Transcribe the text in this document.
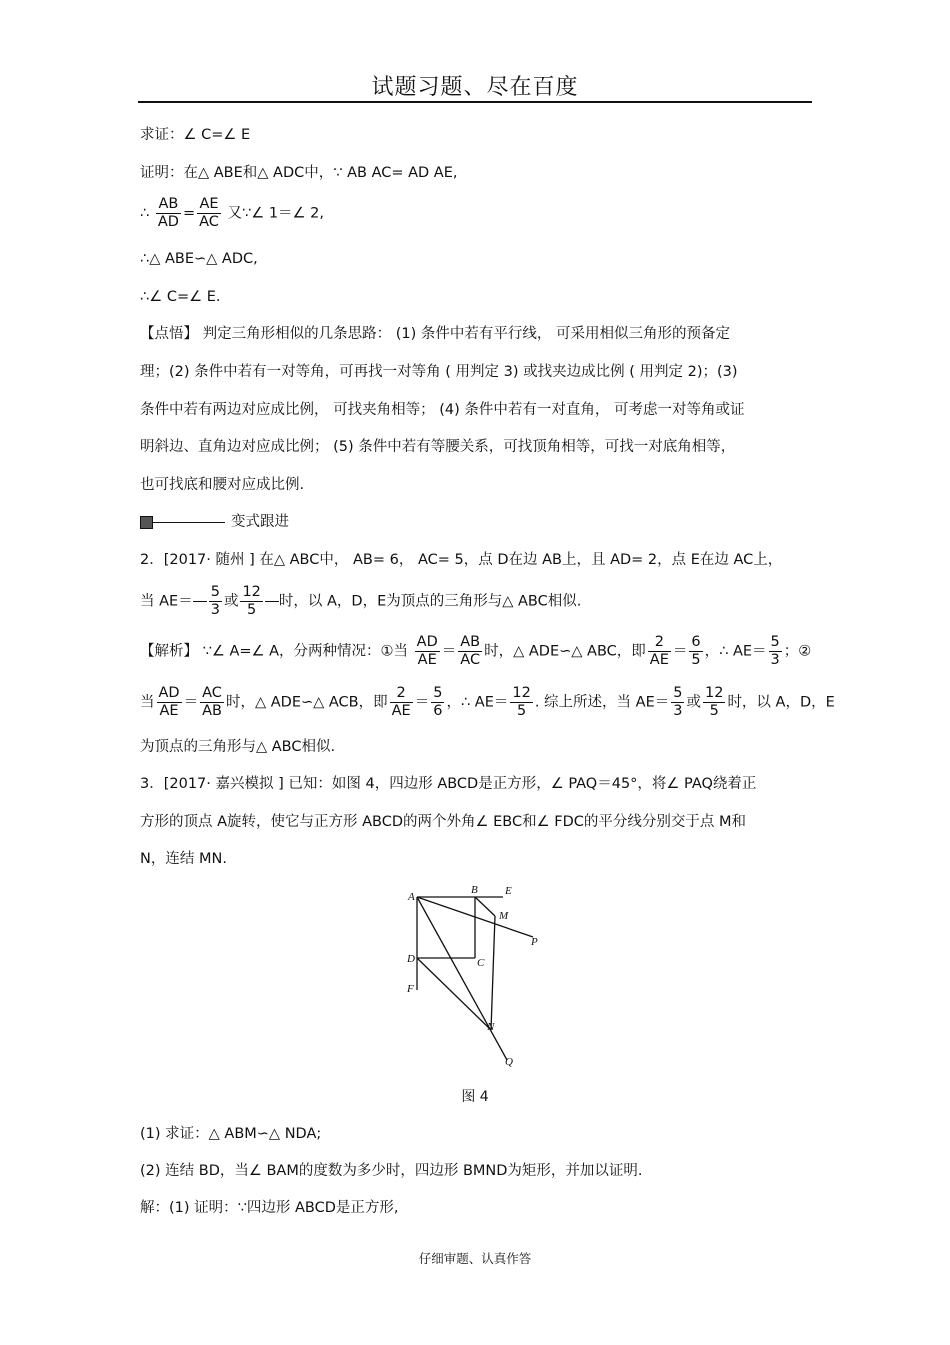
试题习题、尽在百度
求证：∠ C=∠ E
证明：在△ ABE和△ ADC中，∵ AB AC= AD AE,
∴ $\frac{AB}{AD} = \frac{AE}{AC}$ 又∵∠ 1＝∠ 2,
∴△ ABE∽△ ADC,
∴∠ C=∠ E.
【点悟】 判定三角形相似的几条思路： (1) 条件中若有平行线， 可采用相似三角形的预备定
理；(2) 条件中若有一对等角，可再找一对等角 ( 用判定 3) 或找夹边成比例 ( 用判定 2)；(3)
条件中若有两边对应成比例， 可找夹角相等； (4) 条件中若有一对直角， 可考虑一对等角或证
明斜边、直角边对应成比例； (5) 条件中若有等腰关系，可找顶角相等，可找一对底角相等，
也可找底和腰对应成比例.
变式跟进
2．[2017· 随州 ] 在△ ABC中， AB= 6， AC= 5，点 D在边 AB上，且 AD= 2，点 E在边 AC上，
当 $AE= \frac{5}{3}$ 或 $\frac{12}{5}$ 时，以 A，D，E为顶点的三角形与△ ABC相似.
【解析】 ∵∠ A=∠ A，分两种情况：①当 $\frac{AD}{AE} = \frac{AB}{AC}$ 时，△ ADE∽△ ABC，即 $\frac{2}{AE} = \frac{6}{5}$ ，∴ $AE= \frac{5}{3}$ ；②
当 $\frac{AD}{AE} = \frac{AC}{AB}$ 时，△ ADE∽△ ACB，即 $\frac{2}{AE} = \frac{5}{6}$ ，∴ $AE= \frac{12}{5}$ . 综上所述，当 $AE= \frac{5}{3}$ 或 $\frac{12}{5}$ 时，以 A，D，E
为顶点的三角形与△ ABC相似.
3．[2017· 嘉兴模拟 ] 已知：如图 4，四边形 ABCD是正方形，∠ PAQ＝45°，将∠ PAQ绕着正
方形的顶点 A旋转，使它与正方形 ABCD的两个外角∠ EBC和∠ FDC的平分线分别交于点 M和
N，连结 MN.
A
B E
M
P
D	C
F
N
Q
图 4
(1) 求证：△ ABM∽△ NDA;
(2) 连结 BD，当∠ BAM的度数为多少时，四边形 BMND为矩形，并加以证明.
解：(1) 证明：∵四边形 ABCD是正方形,
仔细审题、认真作答
